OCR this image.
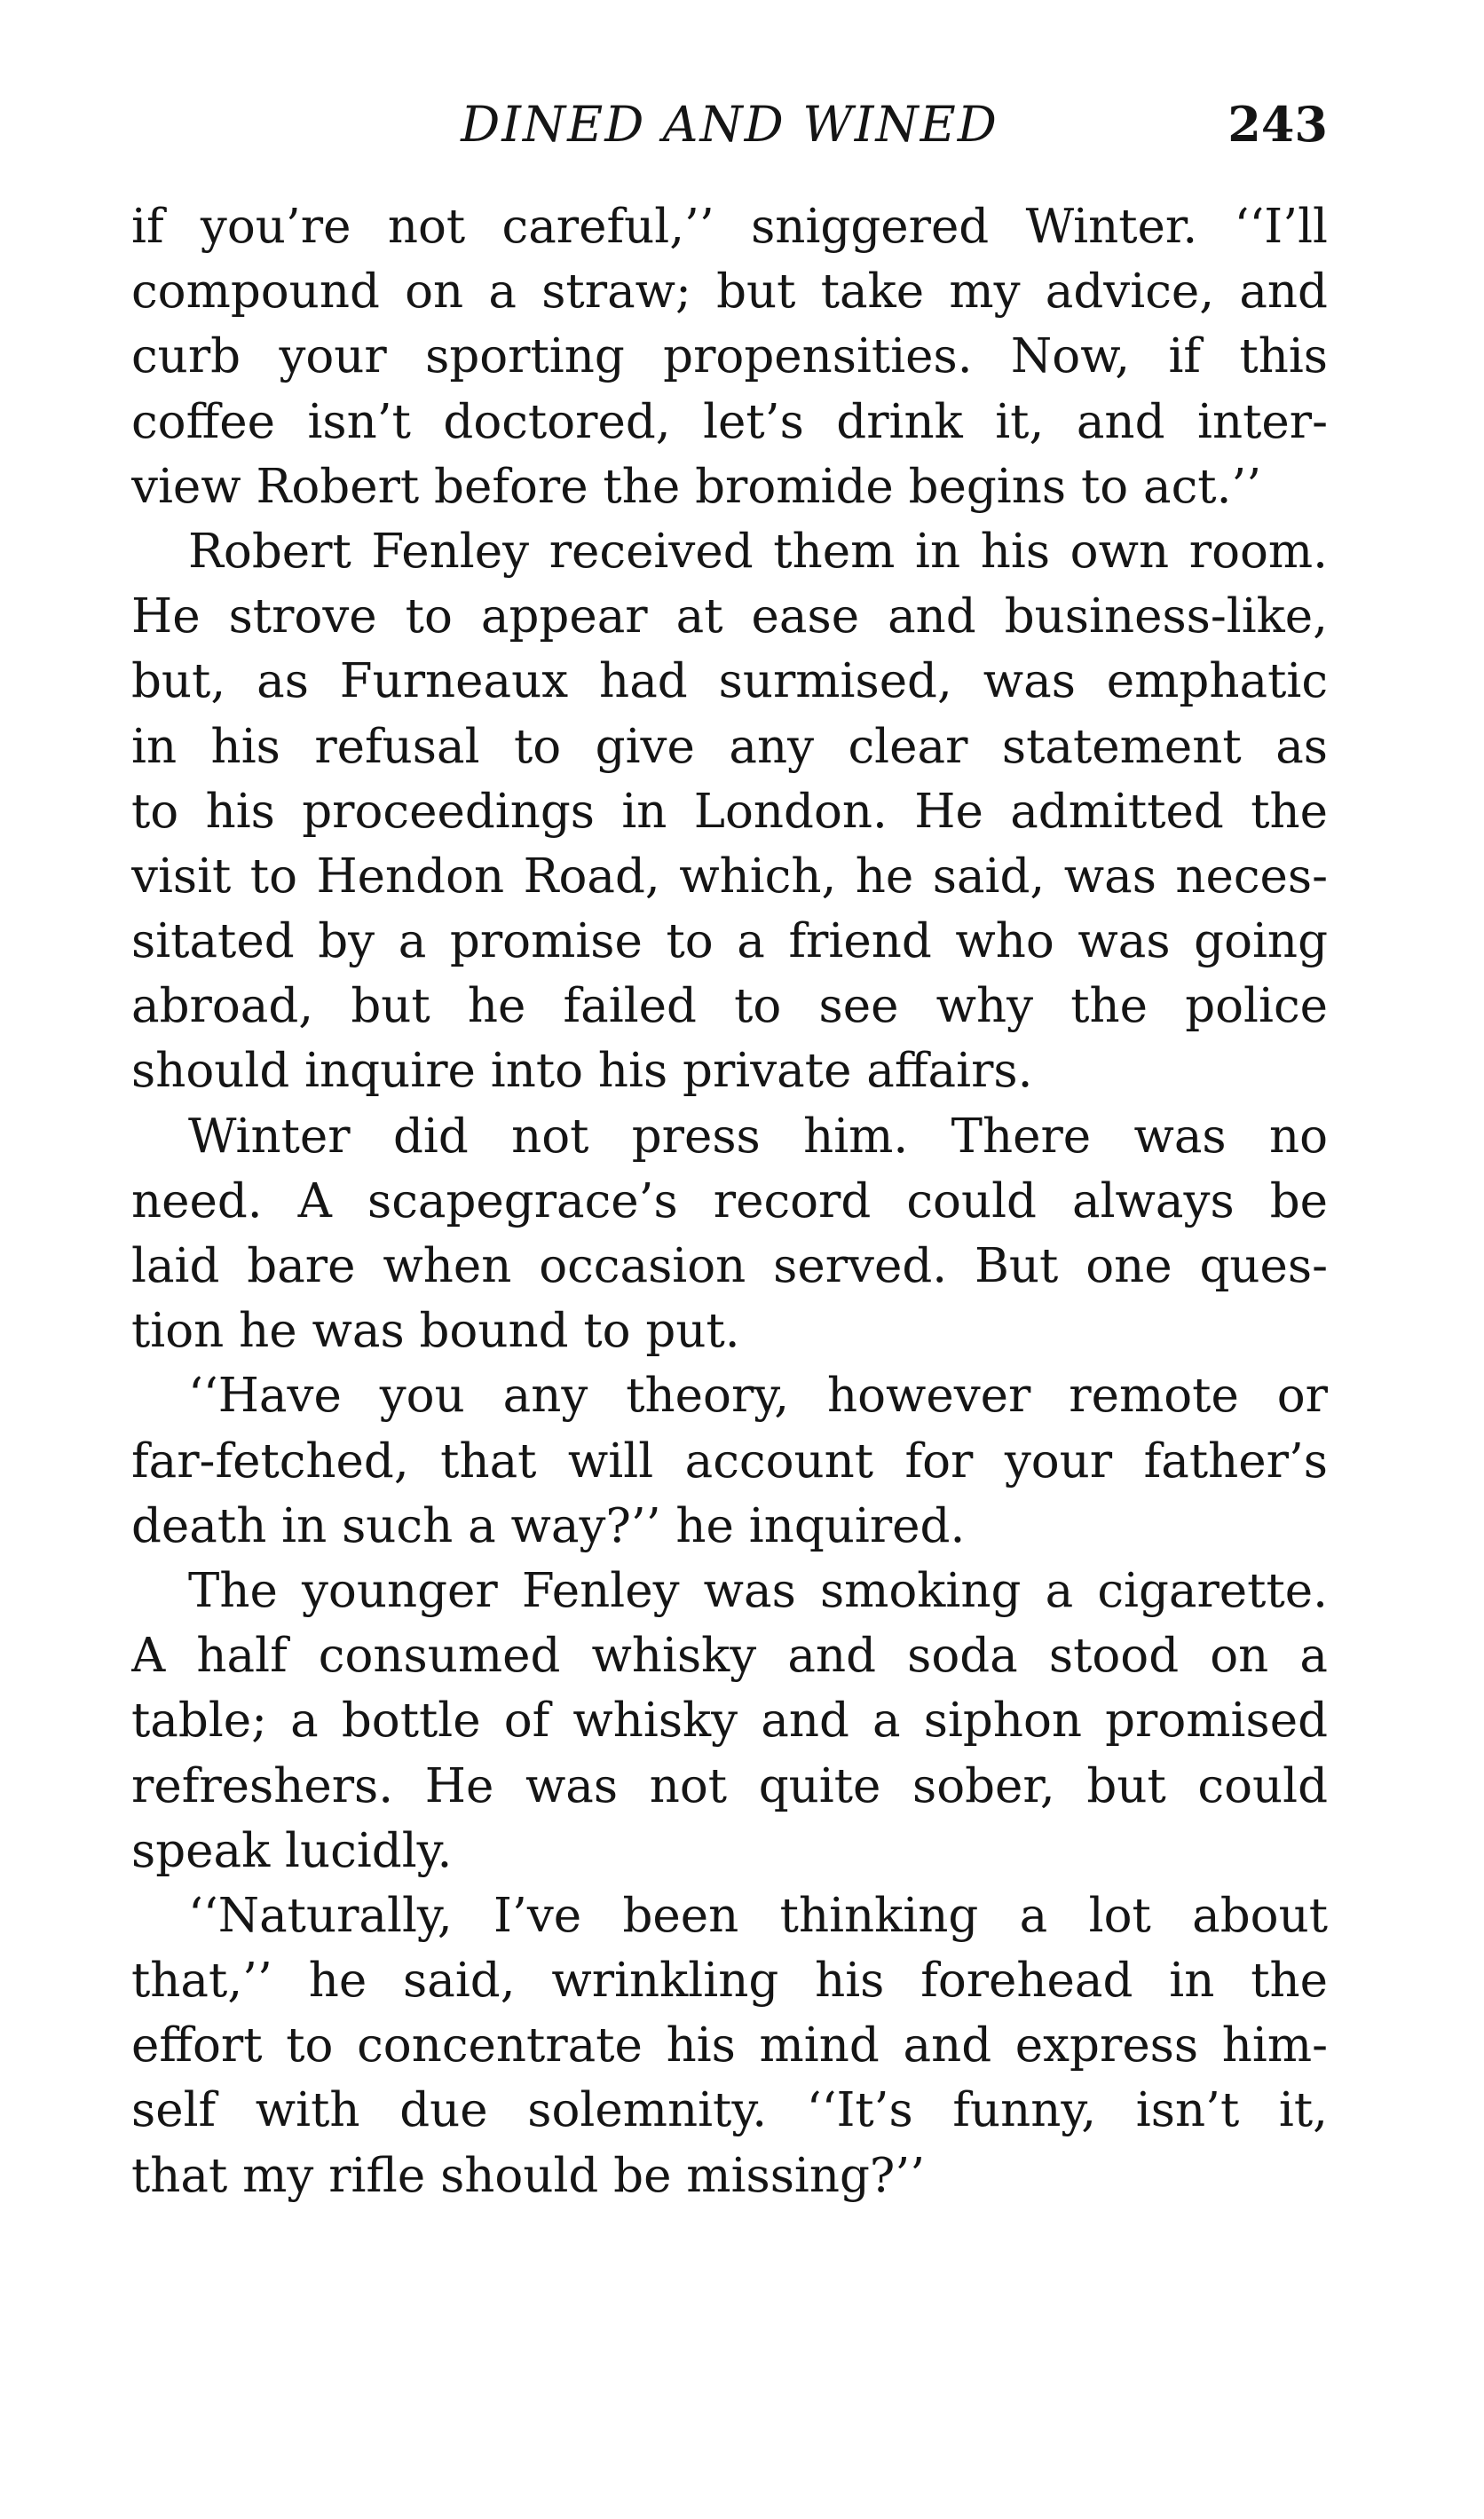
DINED AND WINED	243
if you’re not careful,’’ sniggered Winter. ‘‘I’ll
compound on a straw; but take my advice, and
curb your sporting propensities. Now, if this
coffee isn’t doctored, let’s drink it, and inter-
view Robert before the bromide begins to act.’’
Robert Fenley received them in his own room.
He strove to appear at ease and business-like,
but, as Furneaux had surmised, was emphatic
in his refusal to give any clear statement as
to his proceedings in London. He admitted the
visit to Hendon Road, which, he said, was neces-
sitated by a promise to a friend who was going
abroad, but he failed to see why the police
should inquire into his private affairs.
Winter did not press him. There was no
need. A scapegrace’s record could always be
laid bare when occasion served. But one ques-
tion he was bound to put.
‘‘Have you any theory, however remote or
far-fetched, that will account for your father’s
death in such a way?’’ he inquired.
The younger Fenley was smoking a cigarette.
A half consumed whisky and soda stood on a
table; a bottle of whisky and a siphon promised
refreshers. He was not quite sober, but could
speak lucidly.
‘‘Naturally, I’ve been thinking a lot about
that,’’ he said, wrinkling his forehead in the
effort to concentrate his mind and express him-
self with due solemnity. ‘‘It’s funny, isn’t it,
that my rifle should be missing?’’
